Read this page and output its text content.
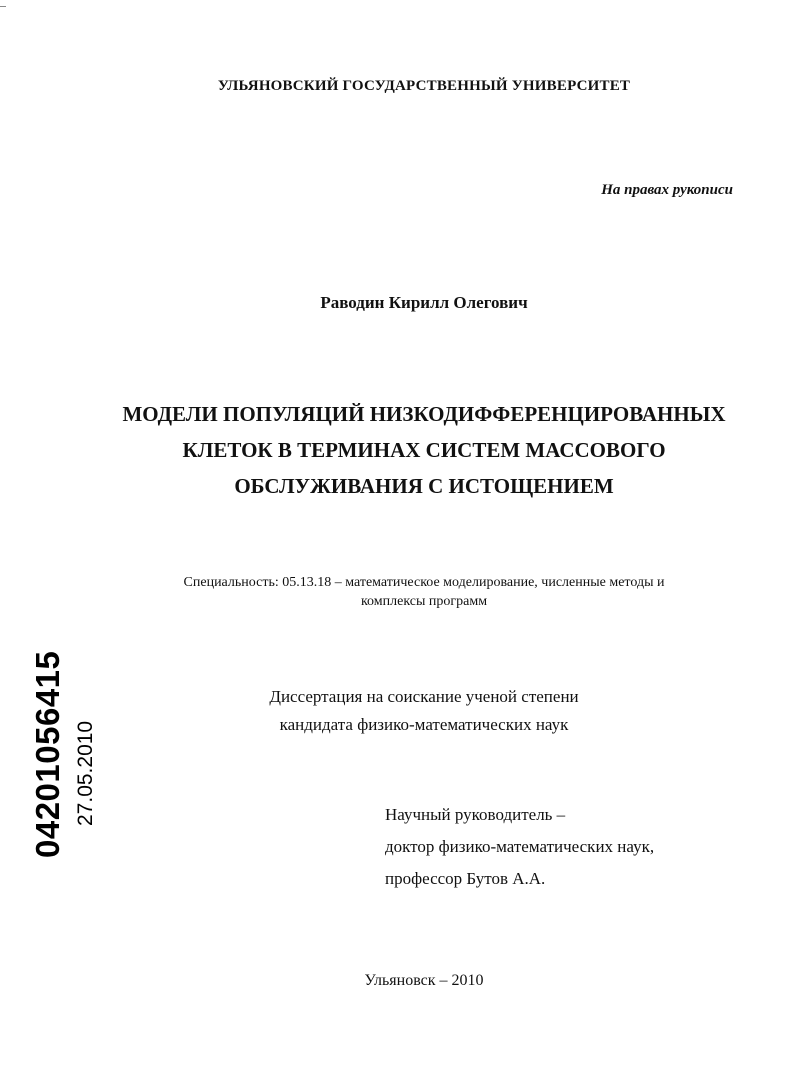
УЛЬЯНОВСКИЙ ГОСУДАРСТВЕННЫЙ УНИВЕРСИТЕТ
На правах рукописи
Раводин Кирилл Олегович
МОДЕЛИ ПОПУЛЯЦИЙ НИЗКОДИФФЕРЕНЦИРОВАННЫХ
КЛЕТОК В ТЕРМИНАХ СИСТЕМ МАССОВОГО
ОБСЛУЖИВАНИЯ С ИСТОЩЕНИЕМ
Специальность: 05.13.18 – математическое моделирование, численные методы и
комплексы программ
Диссертация на соискание ученой степени
кандидата физико-математических наук
Научный руководитель –
доктор физико-математических наук,
профессор Бутов А.А.
Ульяновск – 2010
04201056415 27.05.2010
